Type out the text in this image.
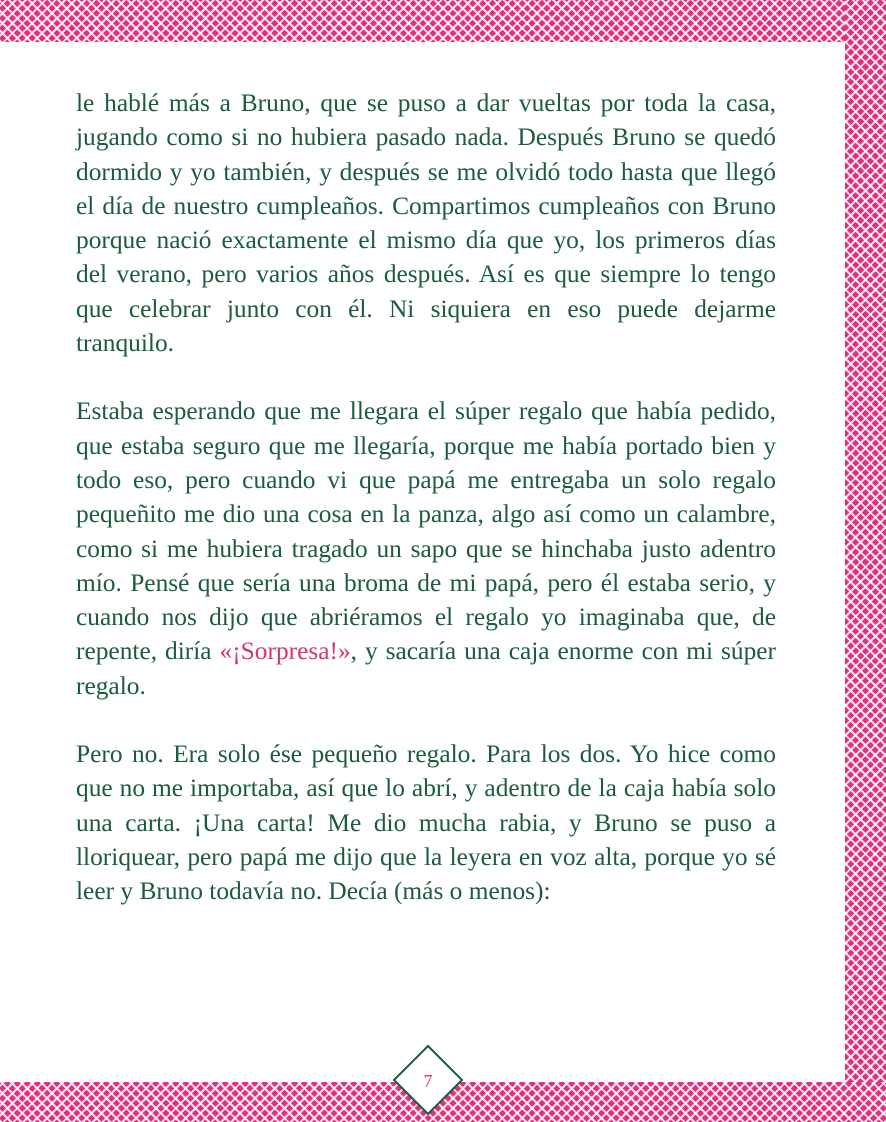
le hablé más a Bruno, que se puso a dar vueltas por toda la casa, jugando como si no hubiera pasado nada. Después Bruno se quedó dormido y yo también, y después se me olvidó todo hasta que llegó el día de nuestro cumpleaños. Compartimos cumpleaños con Bruno porque nació exactamente el mismo día que yo, los primeros días del verano, pero varios años después. Así es que siempre lo tengo que celebrar junto con él. Ni siquiera en eso puede dejarme tranquilo.

Estaba esperando que me llegara el súper regalo que había pedido, que estaba seguro que me llegaría, porque me había portado bien y todo eso, pero cuando vi que papá me entregaba un solo regalo pequeñito me dio una cosa en la panza, algo así como un calambre, como si me hubiera tragado un sapo que se hinchaba justo adentro mío. Pensé que sería una broma de mi papá, pero él estaba serio, y cuando nos dijo que abriéramos el regalo yo imaginaba que, de repente, diría «¡Sorpresa!», y sacaría una caja enorme con mi súper regalo.

Pero no. Era solo ése pequeño regalo. Para los dos. Yo hice como que no me importaba, así que lo abrí, y adentro de la caja había solo una carta. ¡Una carta! Me dio mucha rabia, y Bruno se puso a lloriquear, pero papá me dijo que la leyera en voz alta, porque yo sé leer y Bruno todavía no. Decía (más o menos):

7
